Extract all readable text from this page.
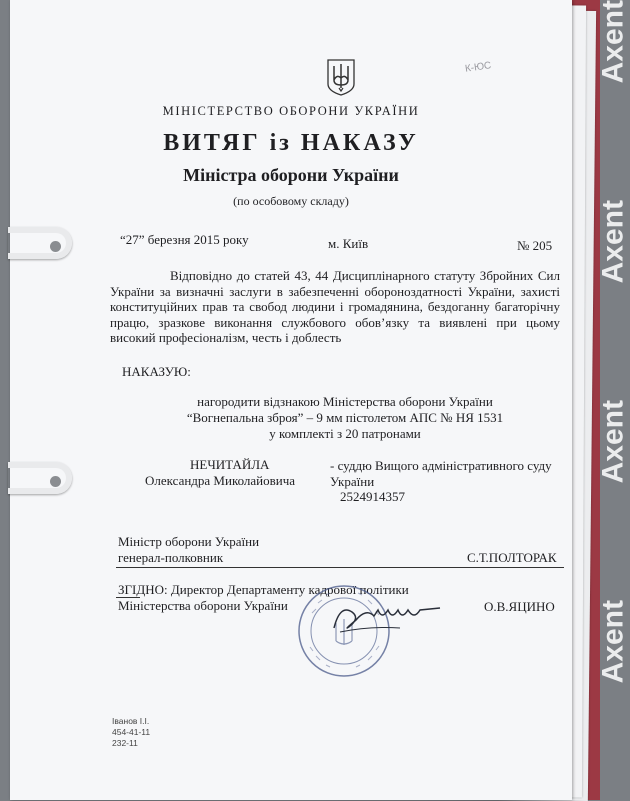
Axent
Axent
Axent
Axent
К-ЮС
МІНІСТЕРСТВО ОБОРОНИ УКРАЇНИ
ВИТЯГ із НАКАЗУ
Міністра оборони України
(по особовому складу)
“27” березня 2015 року	м. Київ	№ 205

Відповідно до статей 43, 44 Дисциплінарного статуту Збройних Сил України за визначні заслуги в забезпеченні обороноздатності України, захисті конституційних прав та свобод людини і громадянина, бездоганну багаторічну працю, зразкове виконання службового обов’язку та виявлені при цьому високий професіоналізм, честь і доблесть

НАКАЗУЮ:
нагородити відзнакою Міністерства оборони України
“Вогнепальна зброя” – 9 мм пістолетом АПС № НЯ 1531
у комплекті з 20 патронами
НЕЧИТАЙЛА
Олександра Миколайовича
- суддю Вищого адміністративного суду України
2524914357
Міністр оборони України
генерал-полковник	С.Т.ПОЛТОРАК
ЗГІДНО: Директор Департаменту кадрової політики
Міністерства оборони України	О.В.ЯЦИНО
Іванов І.І.
454-41-11
232-11
